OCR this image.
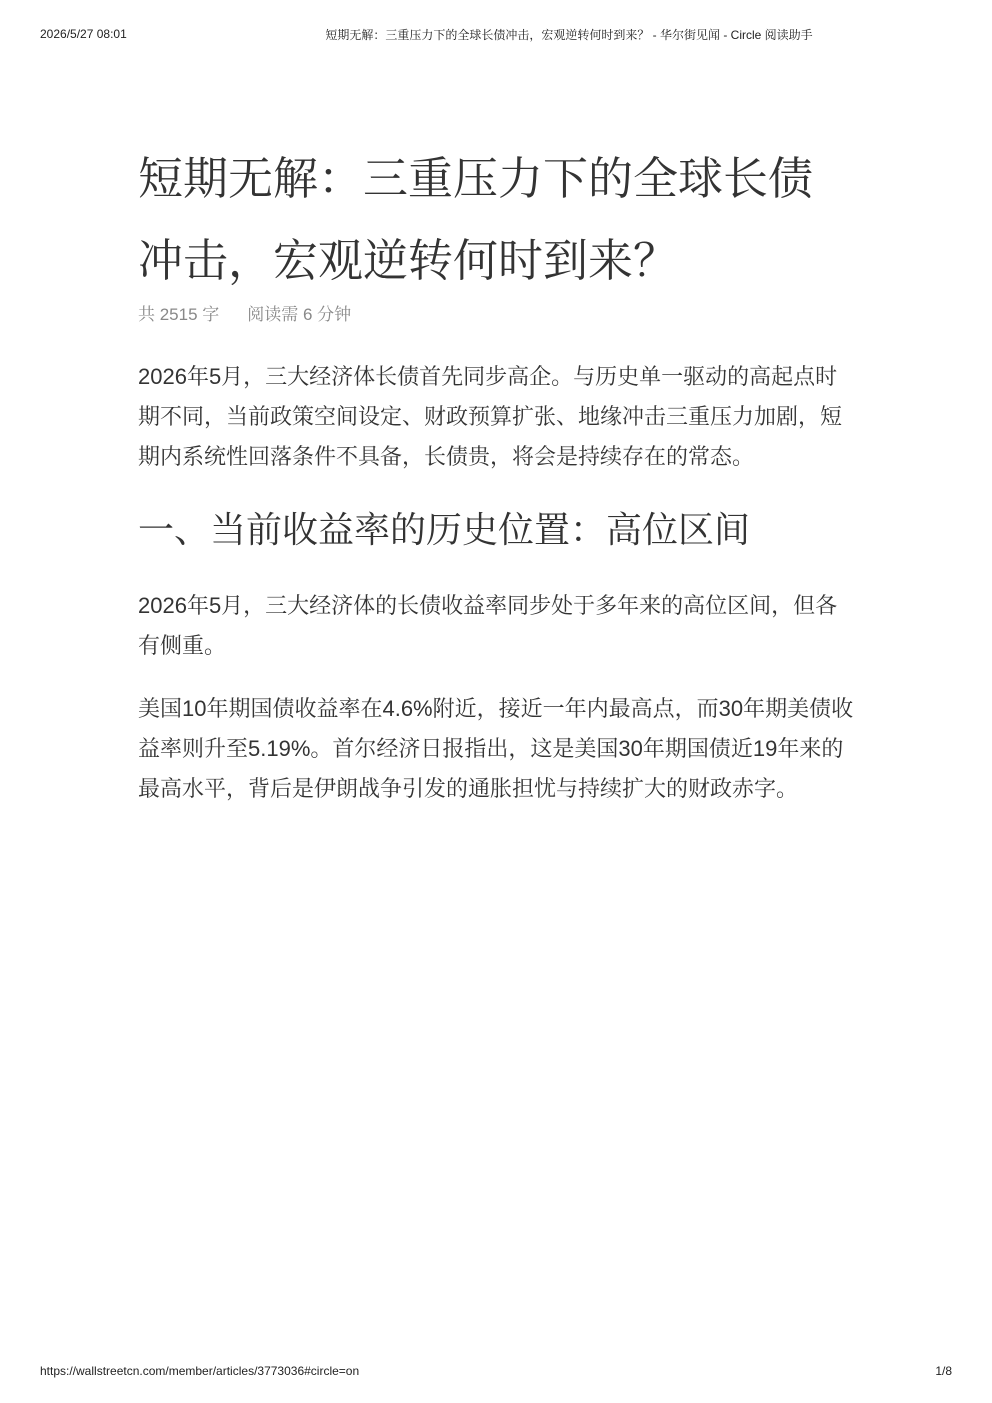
2026/5/27 08:01	短期无解：三重压力下的全球长债冲击，宏观逆转何时到来？ - 华尔街见闻 - Circle 阅读助手
短期无解：三重压力下的全球长债冲击，宏观逆转何时到来？
共 2515 字 阅读需 6 分钟

2026年5月，三大经济体长债首先同步高企。与历史单一驱动的高起点时期不同，当前政策空间设定、财政预算扩张、地缘冲击三重压力加剧，短期内系统性回落条件不具备，长债贵，将会是持续存在的常态。

一、当前收益率的历史位置：高位区间

2026年5月，三大经济体的长债收益率同步处于多年来的高位区间，但各有侧重。

美国10年期国债收益率在4.6%附近，接近一年内最高点，而30年期美债收益率则升至5.19%。首尔经济日报指出，这是美国30年期国债近19年来的最高水平，背后是伊朗战争引发的通胀担忧与持续扩大的财政赤字。

https://wallstreetcn.com/member/articles/3773036#circle=on	1/8
